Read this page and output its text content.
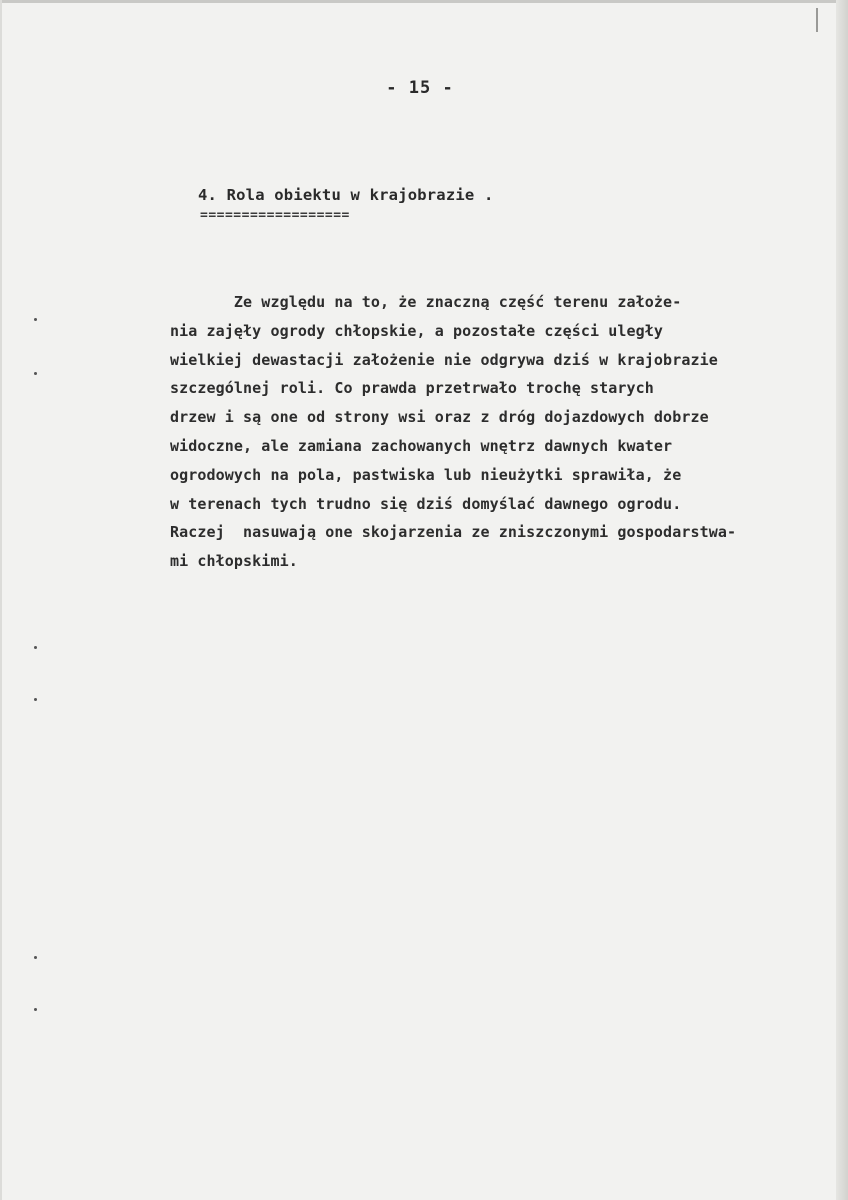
- 15 -
4. Rola obiektu w krajobrazie .
==================
Ze względu na to, że znaczną część terenu założe-
nia zajęły ogrody chłopskie, a pozostałe części uległy
wielkiej dewastacji założenie nie odgrywa dziś w krajobrazie
szczególnej roli. Co prawda przetrwało trochę starych
drzew i są one od strony wsi oraz z dróg dojazdowych dobrze
widoczne, ale zamiana zachowanych wnętrz dawnych kwater
ogrodowych na pola, pastwiska lub nieużytki sprawiła, że
w terenach tych trudno się dziś domyślać dawnego ogrodu.
Raczej  nasuwają one skojarzenia ze zniszczonymi gospodarstwa-
mi chłopskimi.
